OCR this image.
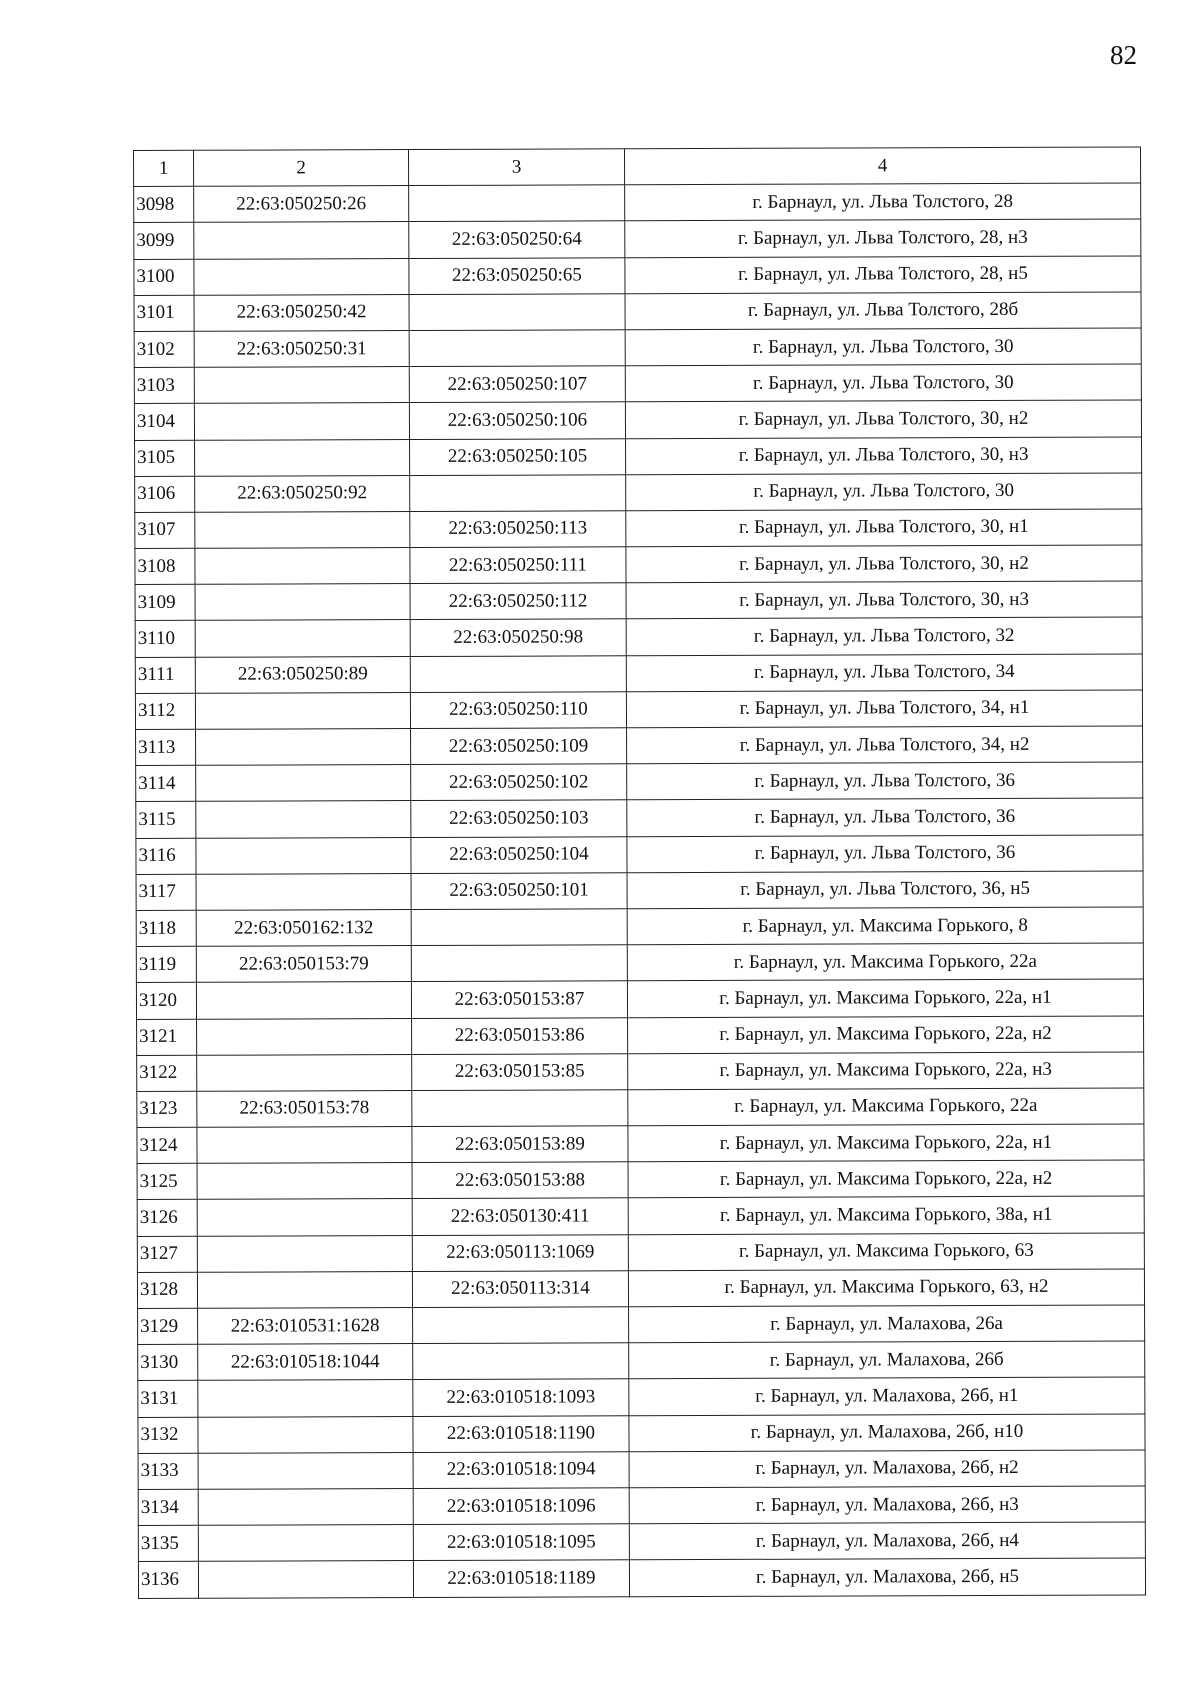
82
1	2	3	4
3098	22:63:050250:26		г. Барнаул, ул. Льва Толстого, 28
3099		22:63:050250:64	г. Барнаул, ул. Льва Толстого, 28, н3
3100		22:63:050250:65	г. Барнаул, ул. Льва Толстого, 28, н5
3101	22:63:050250:42		г. Барнаул, ул. Льва Толстого, 28б
3102	22:63:050250:31		г. Барнаул, ул. Льва Толстого, 30
3103		22:63:050250:107	г. Барнаул, ул. Льва Толстого, 30
3104		22:63:050250:106	г. Барнаул, ул. Льва Толстого, 30, н2
3105		22:63:050250:105	г. Барнаул, ул. Льва Толстого, 30, н3
3106	22:63:050250:92		г. Барнаул, ул. Льва Толстого, 30
3107		22:63:050250:113	г. Барнаул, ул. Льва Толстого, 30, н1
3108		22:63:050250:111	г. Барнаул, ул. Льва Толстого, 30, н2
3109		22:63:050250:112	г. Барнаул, ул. Льва Толстого, 30, н3
3110		22:63:050250:98	г. Барнаул, ул. Льва Толстого, 32
3111	22:63:050250:89		г. Барнаул, ул. Льва Толстого, 34
3112		22:63:050250:110	г. Барнаул, ул. Льва Толстого, 34, н1
3113		22:63:050250:109	г. Барнаул, ул. Льва Толстого, 34, н2
3114		22:63:050250:102	г. Барнаул, ул. Льва Толстого, 36
3115		22:63:050250:103	г. Барнаул, ул. Льва Толстого, 36
3116		22:63:050250:104	г. Барнаул, ул. Льва Толстого, 36
3117		22:63:050250:101	г. Барнаул, ул. Льва Толстого, 36, н5
3118	22:63:050162:132		г. Барнаул, ул. Максима Горького, 8
3119	22:63:050153:79		г. Барнаул, ул. Максима Горького, 22а
3120		22:63:050153:87	г. Барнаул, ул. Максима Горького, 22а, н1
3121		22:63:050153:86	г. Барнаул, ул. Максима Горького, 22а, н2
3122		22:63:050153:85	г. Барнаул, ул. Максима Горького, 22а, н3
3123	22:63:050153:78		г. Барнаул, ул. Максима Горького, 22а
3124		22:63:050153:89	г. Барнаул, ул. Максима Горького, 22а, н1
3125		22:63:050153:88	г. Барнаул, ул. Максима Горького, 22а, н2
3126		22:63:050130:411	г. Барнаул, ул. Максима Горького, 38а, н1
3127		22:63:050113:1069	г. Барнаул, ул. Максима Горького, 63
3128		22:63:050113:314	г. Барнаул, ул. Максима Горького, 63, н2
3129	22:63:010531:1628		г. Барнаул, ул. Малахова, 26а
3130	22:63:010518:1044		г. Барнаул, ул. Малахова, 26б
3131		22:63:010518:1093	г. Барнаул, ул. Малахова, 26б, н1
3132		22:63:010518:1190	г. Барнаул, ул. Малахова, 26б, н10
3133		22:63:010518:1094	г. Барнаул, ул. Малахова, 26б, н2
3134		22:63:010518:1096	г. Барнаул, ул. Малахова, 26б, н3
3135		22:63:010518:1095	г. Барнаул, ул. Малахова, 26б, н4
3136		22:63:010518:1189	г. Барнаул, ул. Малахова, 26б, н5
